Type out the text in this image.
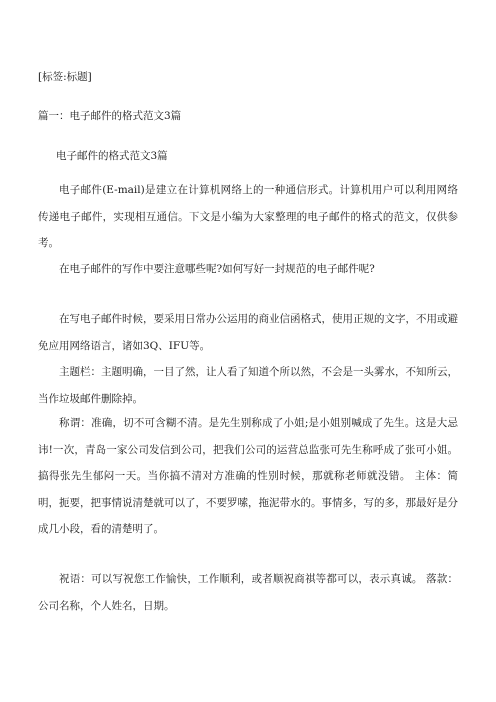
[标签:标题]
篇一：电子邮件的格式范文3篇
电子邮件的格式范文3篇
电子邮件(E-mail)是建立在计算机网络上的一种通信形式。计算机用户可以利用网络传递电子邮件，实现相互通信。下文是小编为大家整理的电子邮件的格式的范文，仅供参考。
在电子邮件的写作中要注意哪些呢?如何写好一封规范的电子邮件呢?
在写电子邮件时候，要采用日常办公运用的商业信函格式，使用正规的文字，不用或避免应用网络语言，诸如3Q、IFU等。
主题栏：主题明确，一目了然，让人看了知道个所以然，不会是一头雾水，不知所云，当作垃圾邮件删除掉。
称谓：准确，切不可含糊不清。是先生别称成了小姐;是小姐别喊成了先生。这是大忌讳!一次，青岛一家公司发信到公司，把我们公司的运营总监张可先生称呼成了张可小姐。搞得张先生郁闷一天。当你搞不清对方准确的性别时候，那就称老师就没错。 主体：简明，扼要，把事情说清楚就可以了，不要罗嗦，拖泥带水的。事情多，写的多，那最好是分成几小段，看的清楚明了。
祝语：可以写祝您工作愉快，工作顺利，或者顺祝商祺等都可以，表示真诚。 落款：公司名称，个人姓名，日期。
